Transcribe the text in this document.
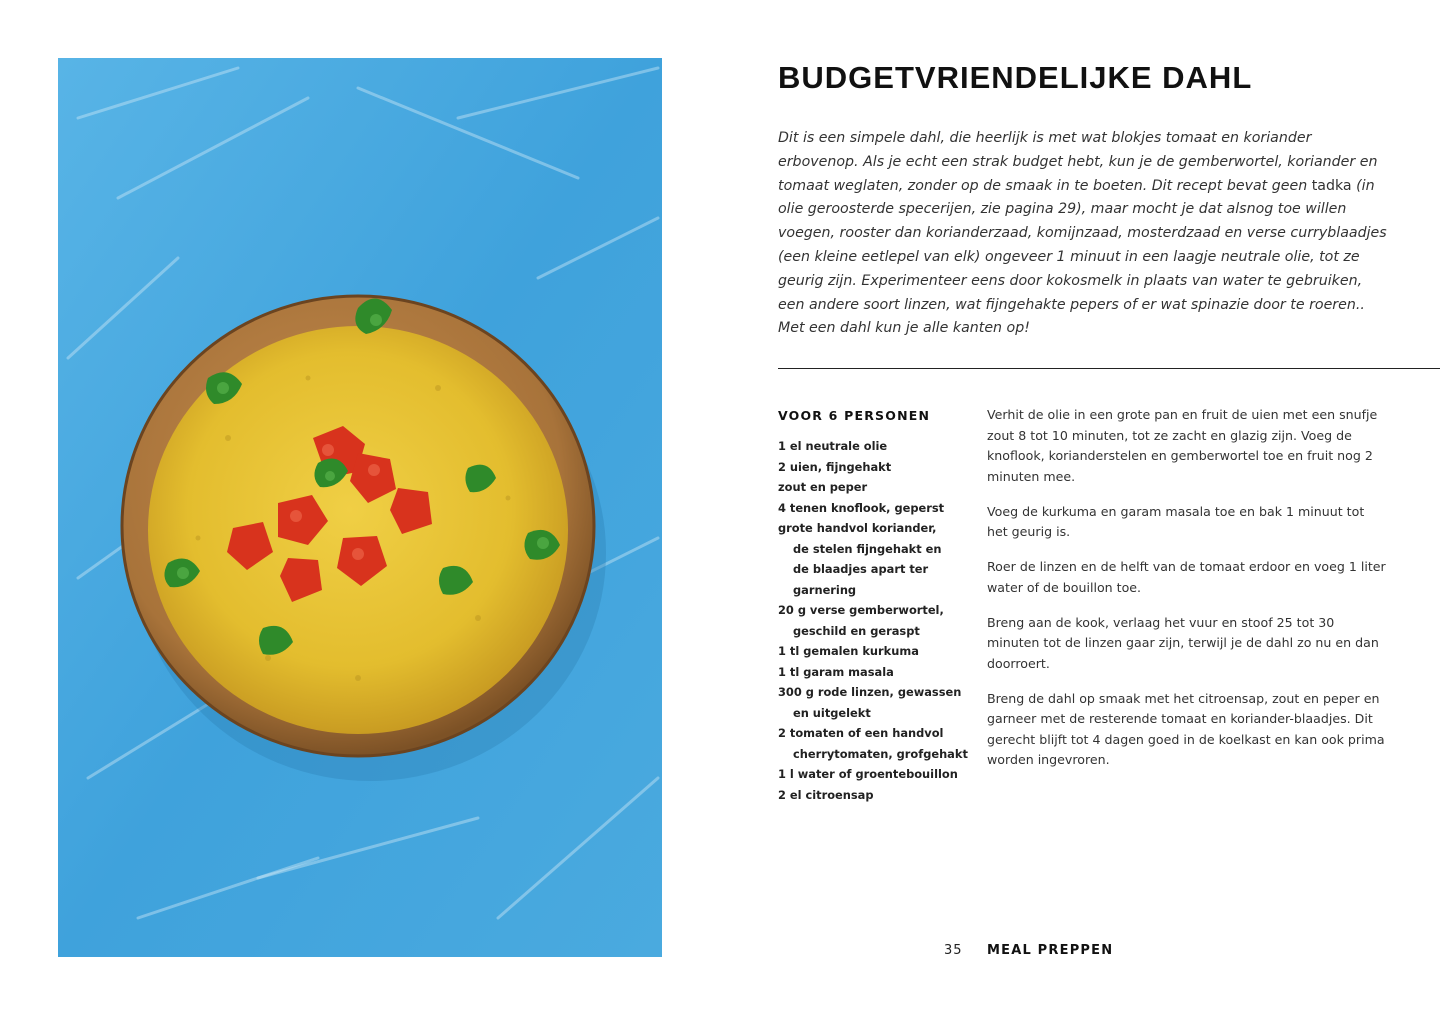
BUDGETVRIENDELIJKE DAHL

Dit is een simpele dahl, die heerlijk is met wat blokjes tomaat en koriander erbovenop. Als je echt een strak budget hebt, kun je de gemberwortel, koriander en tomaat weglaten, zonder op de smaak in te boeten. Dit recept bevat geen tadka (in olie geroosterde specerijen, zie pagina 29), maar mocht je dat alsnog toe willen voegen, rooster dan korianderzaad, komijnzaad, mosterdzaad en verse curryblaadjes (een kleine eetlepel van elk) ongeveer 1 minuut in een laagje neutrale olie, tot ze geurig zijn. Experimenteer eens door kokosmelk in plaats van water te gebruiken, een andere soort linzen, wat fijngehakte pepers of er wat spinazie door te roeren.. Met een dahl kun je alle kanten op!

VOOR 6 PERSONEN
1 el neutrale olie
2 uien, fijngehakt
zout en peper
4 tenen knoflook, geperst
grote handvol koriander,
de stelen fijngehakt en
de blaadjes apart ter
garnering
20 g verse gemberwortel,
geschild en geraspt
1 tl gemalen kurkuma
1 tl garam masala
300 g rode linzen, gewassen
en uitgelekt
2 tomaten of een handvol
cherrytomaten, grofgehakt
1 l water of groentebouillon
2 el citroensap

Verhit de olie in een grote pan en fruit de uien met een snufje zout 8 tot 10 minuten, tot ze zacht en glazig zijn. Voeg de knoflook, korianderstelen en gemberwortel toe en fruit nog 2 minuten mee.

Voeg de kurkuma en garam masala toe en bak 1 minuut tot het geurig is.

Roer de linzen en de helft van de tomaat erdoor en voeg 1 liter water of de bouillon toe.

Breng aan de kook, verlaag het vuur en stoof 25 tot 30 minuten tot de linzen gaar zijn, terwijl je de dahl zo nu en dan doorroert.

Breng de dahl op smaak met het citroensap, zout en peper en garneer met de resterende tomaat en koriander-blaadjes. Dit gerecht blijft tot 4 dagen goed in de koelkast en kan ook prima worden ingevroren.

35 MEAL PREPPEN
